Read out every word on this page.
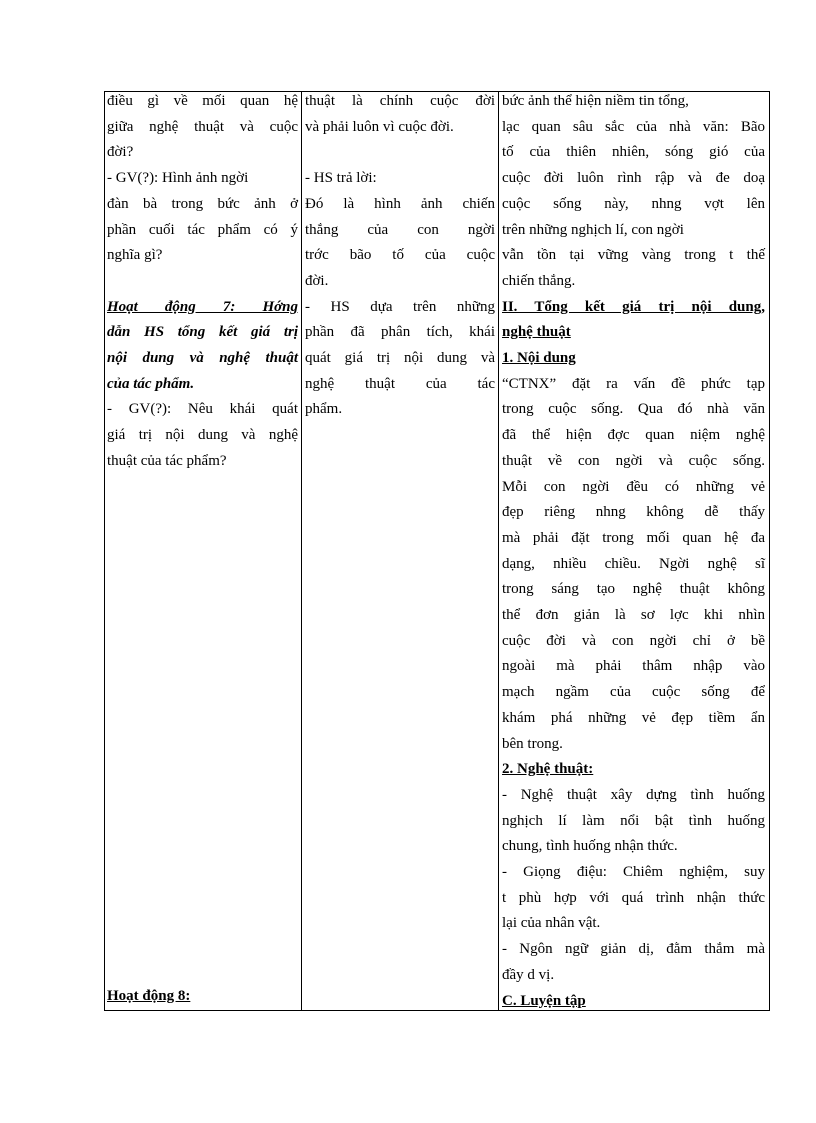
điều gì về mối quan hệ
giữa nghệ thuật và cuộc
đời?
- GV(?): Hình ảnh ngời
đàn bà trong bức ảnh ở
phần cuối tác phẩm có ý
nghĩa gì?
Hoạt động 7: Hớng
dẫn HS tổng kết giá trị
nội dung và nghệ thuật
của tác phẩm.
- GV(?): Nêu khái quát
giá trị nội dung và nghệ
thuật của tác phẩm?
Hoạt động 8:
thuật là chính cuộc đời
và phải luôn vì cuộc đời.
- HS trả lời:
Đó là hình ảnh chiến
thắng của con ngời
trớc bão tố của cuộc
đời.
- HS dựa trên những
phần đã phân tích, khái
quát giá trị nội dung và
nghệ thuật của tác
phẩm.
bức ảnh thể hiện niềm tin tổng,
lạc quan sâu sắc của nhà văn: Bão
tố của thiên nhiên, sóng gió của
cuộc đời luôn rình rập và đe doạ
cuộc sống này, nhng vợt lên
trên những nghịch lí, con ngời
vẫn tồn tại vững vàng trong t thế
chiến thắng.
II. Tổng kết giá trị nội dung,
nghệ thuật
1. Nội dung
“CTNX” đặt ra vấn đề phức tạp
trong cuộc sống. Qua đó nhà văn
đã thể hiện đợc quan niệm nghệ
thuật về con ngời và cuộc sống.
Mỗi con ngời đều có những vẻ
đẹp riêng nhng không dễ thấy
mà phải đặt trong mối quan hệ đa
dạng, nhiều chiều. Ngời nghệ sĩ
trong sáng tạo nghệ thuật không
thể đơn giản là sơ lợc khi nhìn
cuộc đời và con ngời chỉ ở bề
ngoài mà phải thâm nhập vào
mạch ngầm của cuộc sống để
khám phá những vẻ đẹp tiềm ẩn
bên trong.
2. Nghệ thuật:
- Nghệ thuật xây dựng tình huống
nghịch lí làm nổi bật tình huống
chung, tình huống nhận thức.
- Giọng điệu: Chiêm nghiệm, suy
t phù hợp với quá trình nhận thức
lại của nhân vật.
- Ngôn ngữ giản dị, đằm thắm mà
đầy d vị.
C. Luyện tập
